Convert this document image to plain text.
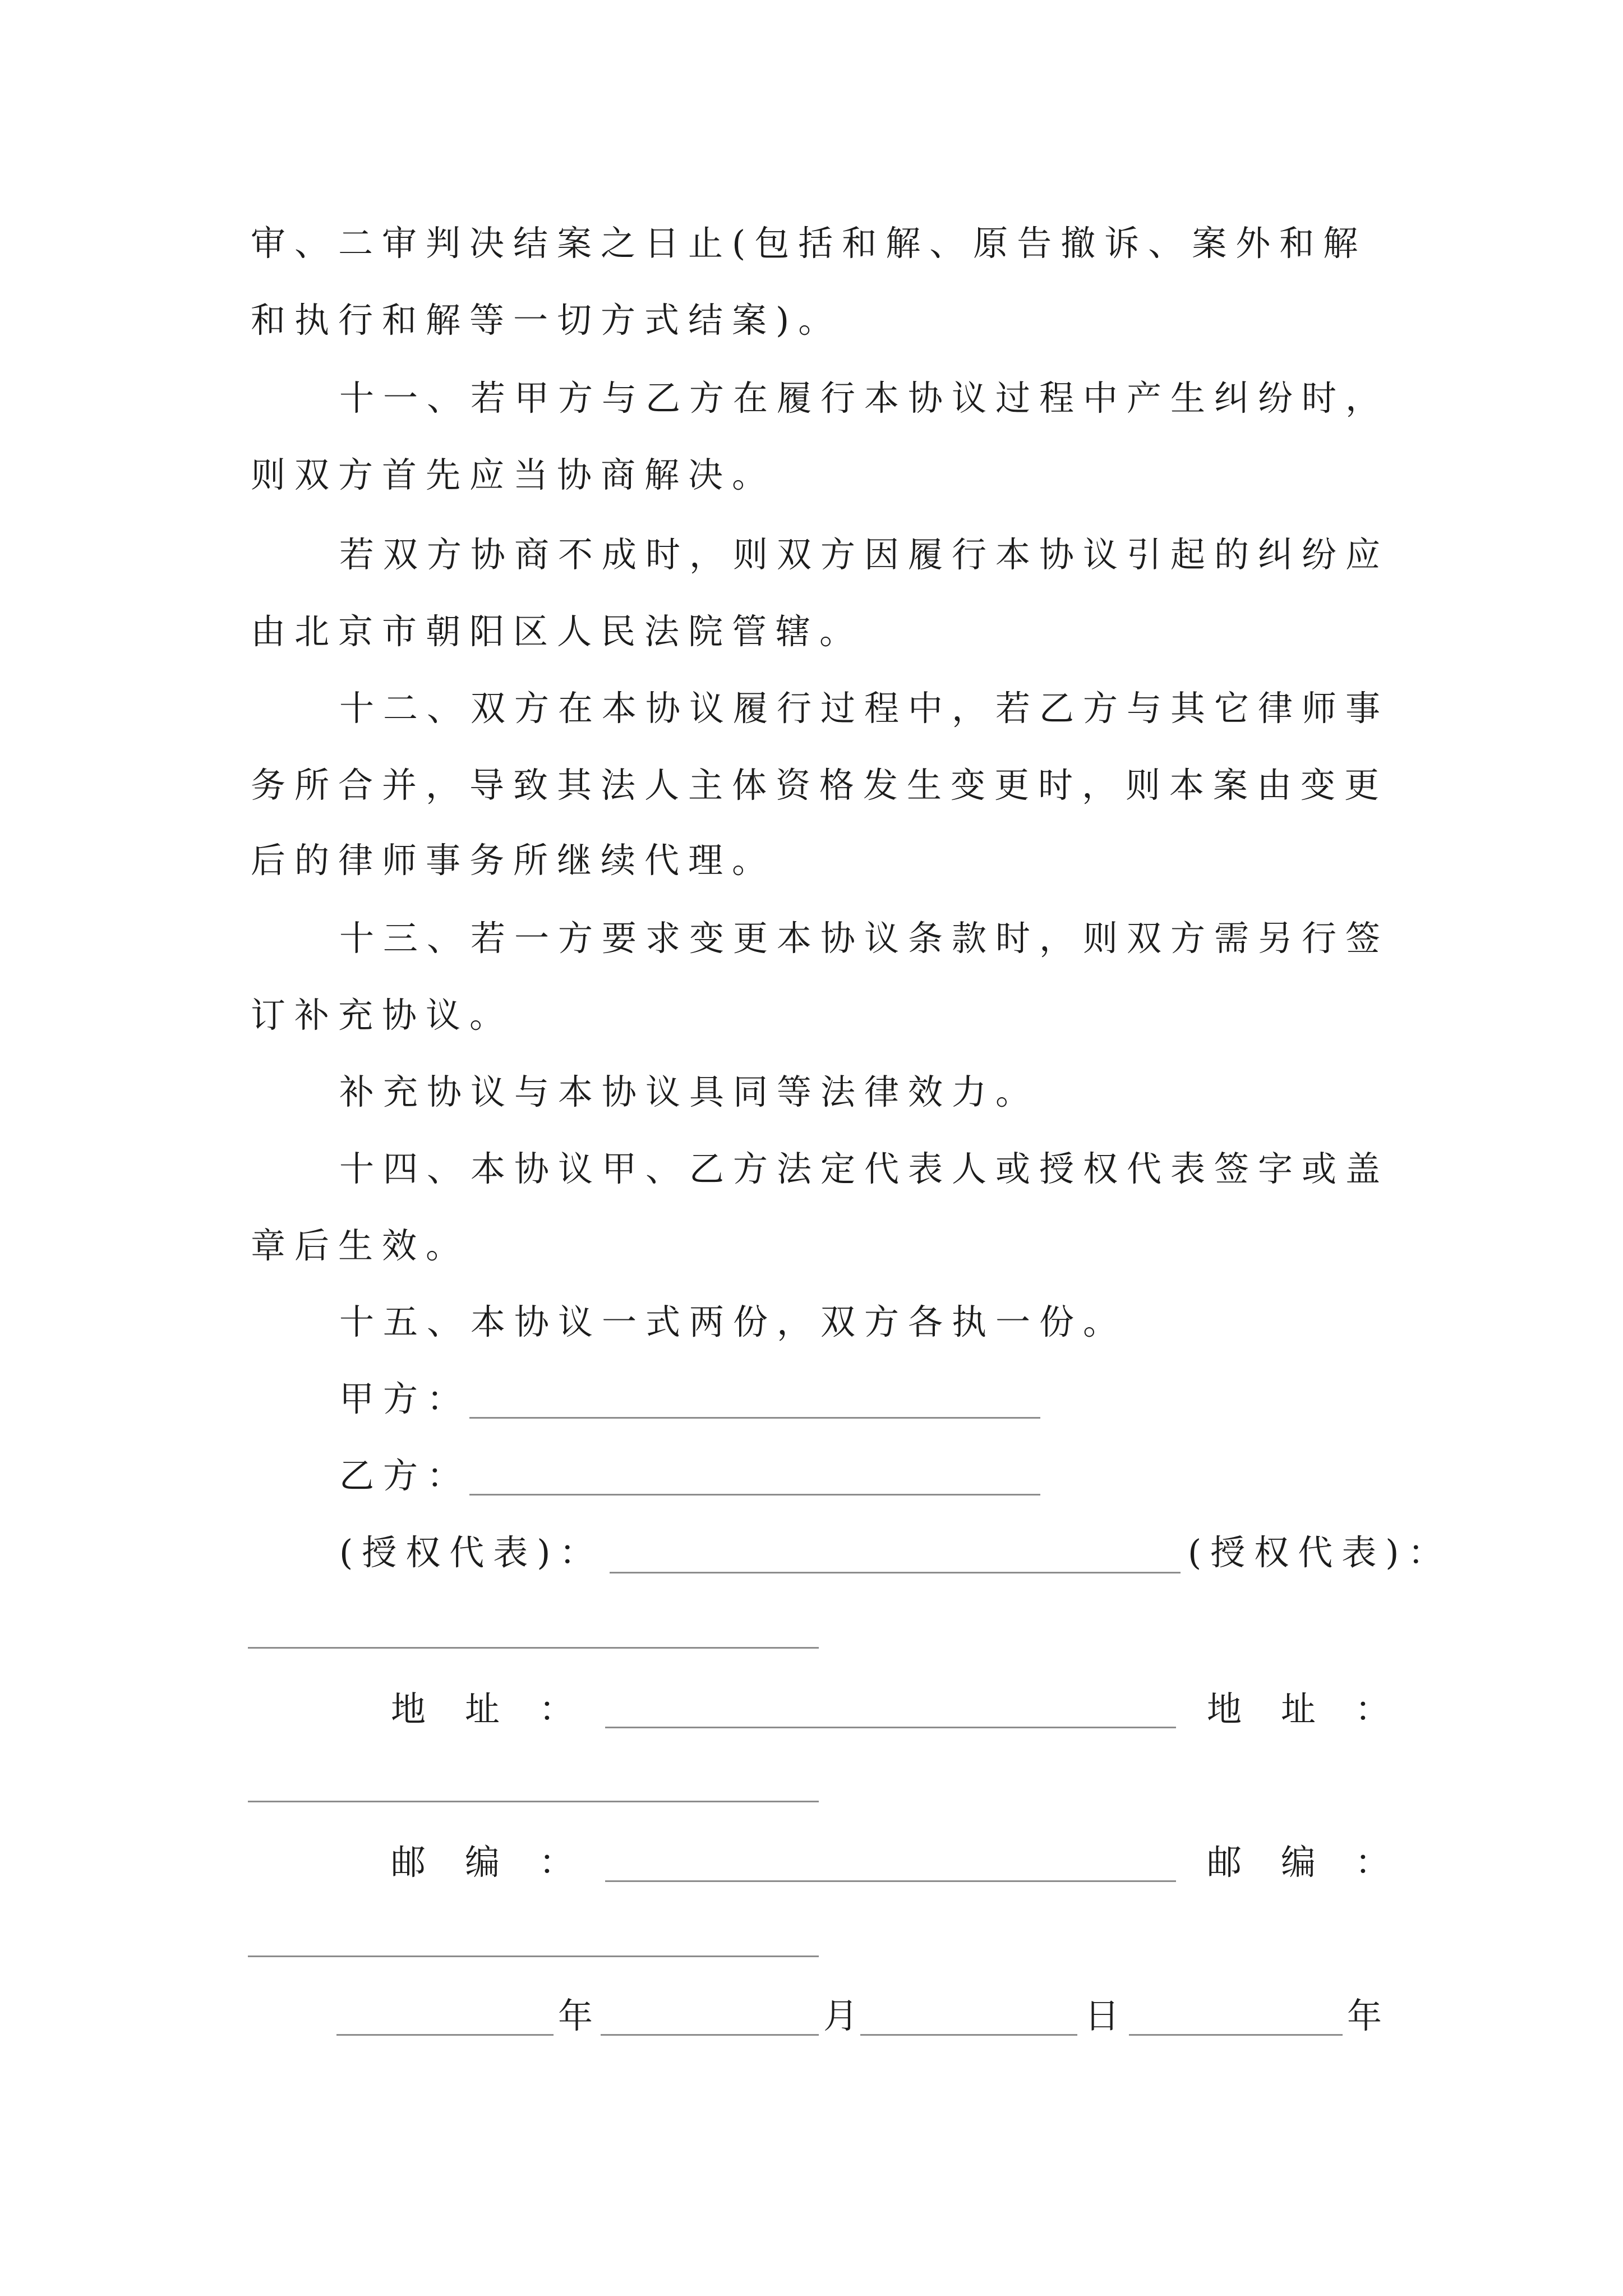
审、二审判决结案之日止(包括和解、原告撤诉、案外和解
和执行和解等一切方式结案)。
十一、若甲方与乙方在履行本协议过程中产生纠纷时，
则双方首先应当协商解决。
若双方协商不成时，则双方因履行本协议引起的纠纷应
由北京市朝阳区人民法院管辖。
十二、双方在本协议履行过程中，若乙方与其它律师事
务所合并，导致其法人主体资格发生变更时，则本案由变更
后的律师事务所继续代理。
十三、若一方要求变更本协议条款时，则双方需另行签
订补充协议。
补充协议与本协议具同等法律效力。
十四、本协议甲、乙方法定代表人或授权代表签字或盖
章后生效。
十五、本协议一式两份，双方各执一份。
甲方：
乙方：
(授权代表)：	(授权代表)：
地址：	地址：
邮编：	邮编：
年	月	日	年
